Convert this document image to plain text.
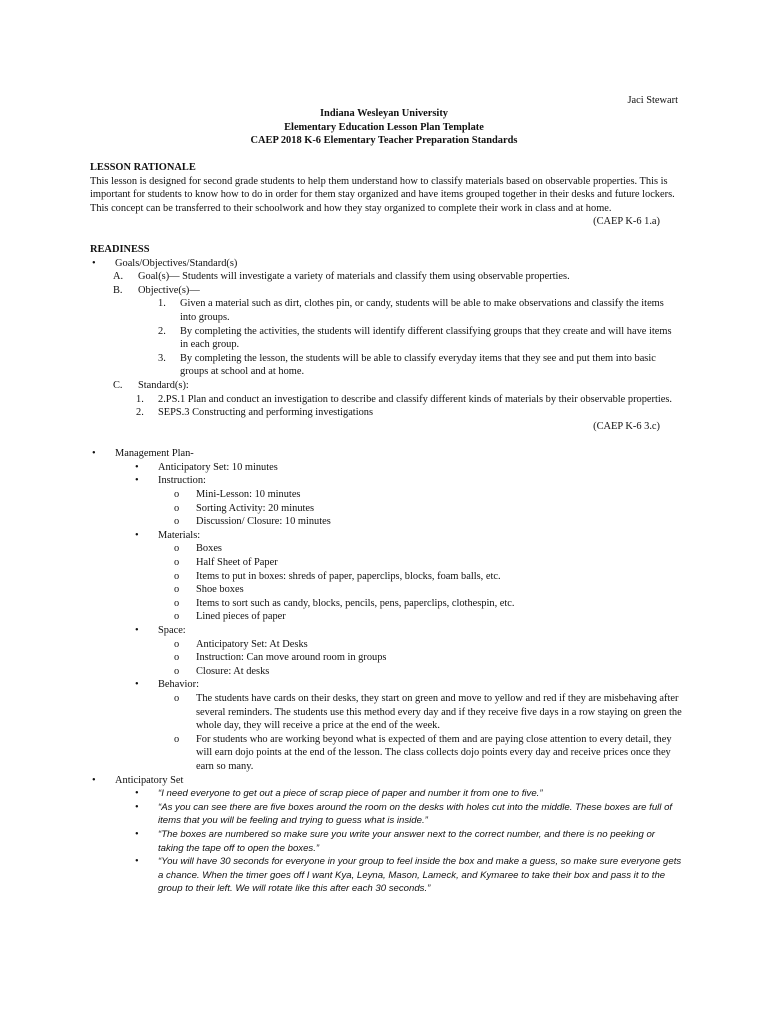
Jaci Stewart
Indiana Wesleyan University
Elementary Education Lesson Plan Template
CAEP 2018 K-6 Elementary Teacher Preparation Standards
LESSON RATIONALE

This lesson is designed for second grade students to help them understand how to classify materials based on observable properties. This is important for students to know how to do in order for them stay organized and have items grouped together in their desks and future lockers. This concept can be transferred to their schoolwork and how they stay organized to complete their work in class and at home.

(CAEP K-6 1.a)
READINESS
•	Goals/Objectives/Standard(s)
A.	Goal(s)— Students will investigate a variety of materials and classify them using observable properties.
B.	Objective(s)—
1.	Given a material such as dirt, clothes pin, or candy, students will be able to make observations and classify the items into groups.
2.	By completing the activities, the students will identify different classifying groups that they create and will have items in each group.
3.	By completing the lesson, the students will be able to classify everyday items that they see and put them into basic groups at school and at home.
C.	Standard(s):
1.	2.PS.1 Plan and conduct an investigation to describe and classify different kinds of materials by their observable properties.
2.	SEPS.3 Constructing and performing investigations
(CAEP K-6 3.c)
•	Management Plan-
•	Anticipatory Set: 10 minutes
•	Instruction:
o	Mini-Lesson: 10 minutes
o	Sorting Activity: 20 minutes
o	Discussion/ Closure: 10 minutes
•	Materials:
o	Boxes
o	Half Sheet of Paper
o	Items to put in boxes: shreds of paper, paperclips, blocks, foam balls, etc.
o	Shoe boxes
o	Items to sort such as candy, blocks, pencils, pens, paperclips, clothespin, etc.
o	Lined pieces of paper
•	Space:
o	Anticipatory Set: At Desks
o	Instruction: Can move around room in groups
o	Closure: At desks
•	Behavior:
o	The students have cards on their desks, they start on green and move to yellow and red if they are misbehaving after several reminders. The students use this method every day and if they receive five days in a row staying on green the whole day, they will receive a price at the end of the week.
o	For students who are working beyond what is expected of them and are paying close attention to every detail, they will earn dojo points at the end of the lesson. The class collects dojo points every day and receive prices once they earn so many.
•	Anticipatory Set
•	“I need everyone to get out a piece of scrap piece of paper and number it from one to five.”
•	“As you can see there are five boxes around the room on the desks with holes cut into the middle. These boxes are full of items that you will be feeling and trying to guess what is inside.”
•	“The boxes are numbered so make sure you write your answer next to the correct number, and there is no peeking or taking the tape off to open the boxes.”
•	“You will have 30 seconds for everyone in your group to feel inside the box and make a guess, so make sure everyone gets a chance. When the timer goes off I want Kya, Leyna, Mason, Lameck, and Kymaree to take their box and pass it to the group to their left. We will rotate like this after each 30 seconds.”
